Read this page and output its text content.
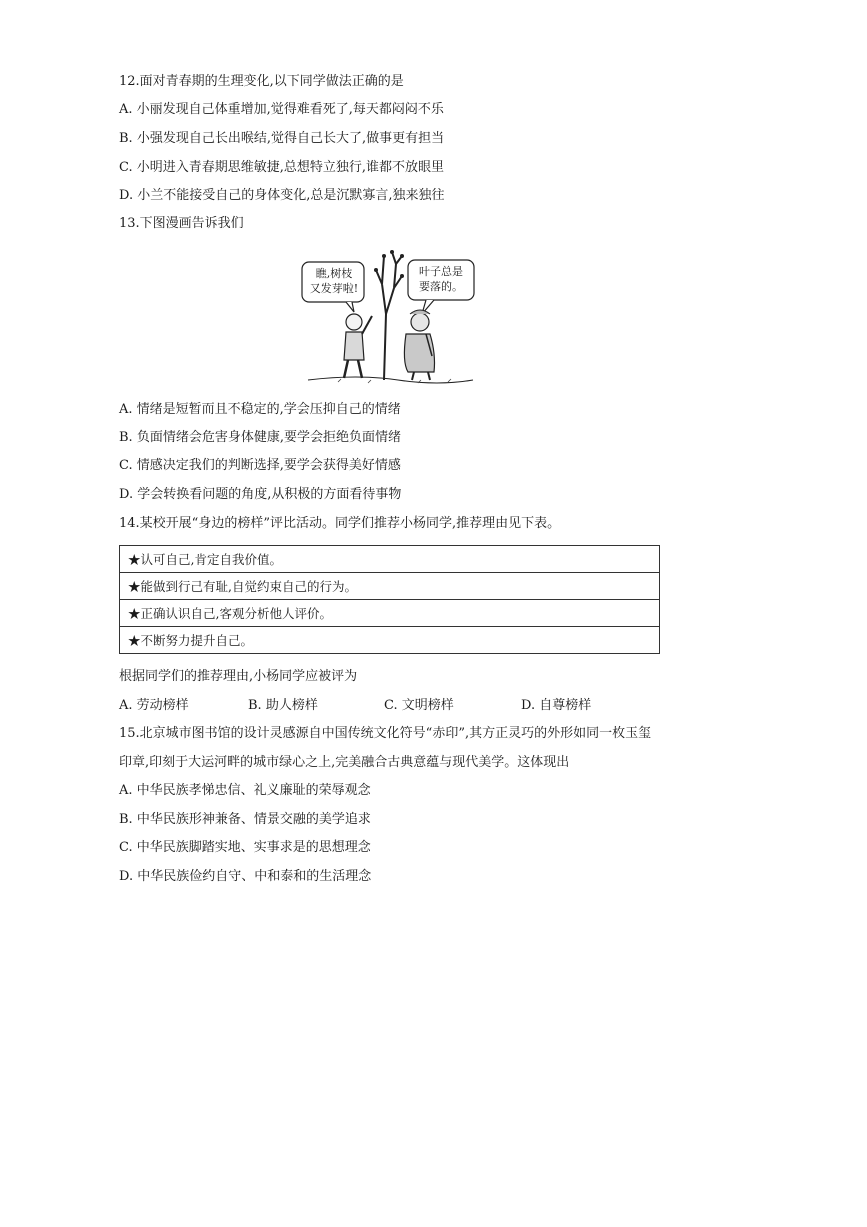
12.面对青春期的生理变化,以下同学做法正确的是
A. 小丽发现自己体重增加,觉得难看死了,每天都闷闷不乐
B. 小强发现自己长出喉结,觉得自己长大了,做事更有担当
C. 小明进入青春期思维敏捷,总想特立独行,谁都不放眼里
D. 小兰不能接受自己的身体变化,总是沉默寡言,独来独往
13.下图漫画告诉我们
瞧,树枝
又发芽啦!
叶子总是
要落的。
A. 情绪是短暂而且不稳定的,学会压抑自己的情绪
B. 负面情绪会危害身体健康,要学会拒绝负面情绪
C. 情感决定我们的判断选择,要学会获得美好情感
D. 学会转换看问题的角度,从积极的方面看待事物
14.某校开展“身边的榜样”评比活动。同学们推荐小杨同学,推荐理由见下表。
★认可自己,肯定自我价值。
★能做到行己有耻,自觉约束自己的行为。
★正确认识自己,客观分析他人评价。
★不断努力提升自己。
根据同学们的推荐理由,小杨同学应被评为
A. 劳动榜样	B. 助人榜样	C. 文明榜样	D. 自尊榜样
15.北京城市图书馆的设计灵感源自中国传统文化符号“赤印”,其方正灵巧的外形如同一枚玉玺
印章,印刻于大运河畔的城市绿心之上,完美融合古典意蕴与现代美学。这体现出
A. 中华民族孝悌忠信、礼义廉耻的荣辱观念
B. 中华民族形神兼备、情景交融的美学追求
C. 中华民族脚踏实地、实事求是的思想理念
D. 中华民族俭约自守、中和泰和的生活理念
